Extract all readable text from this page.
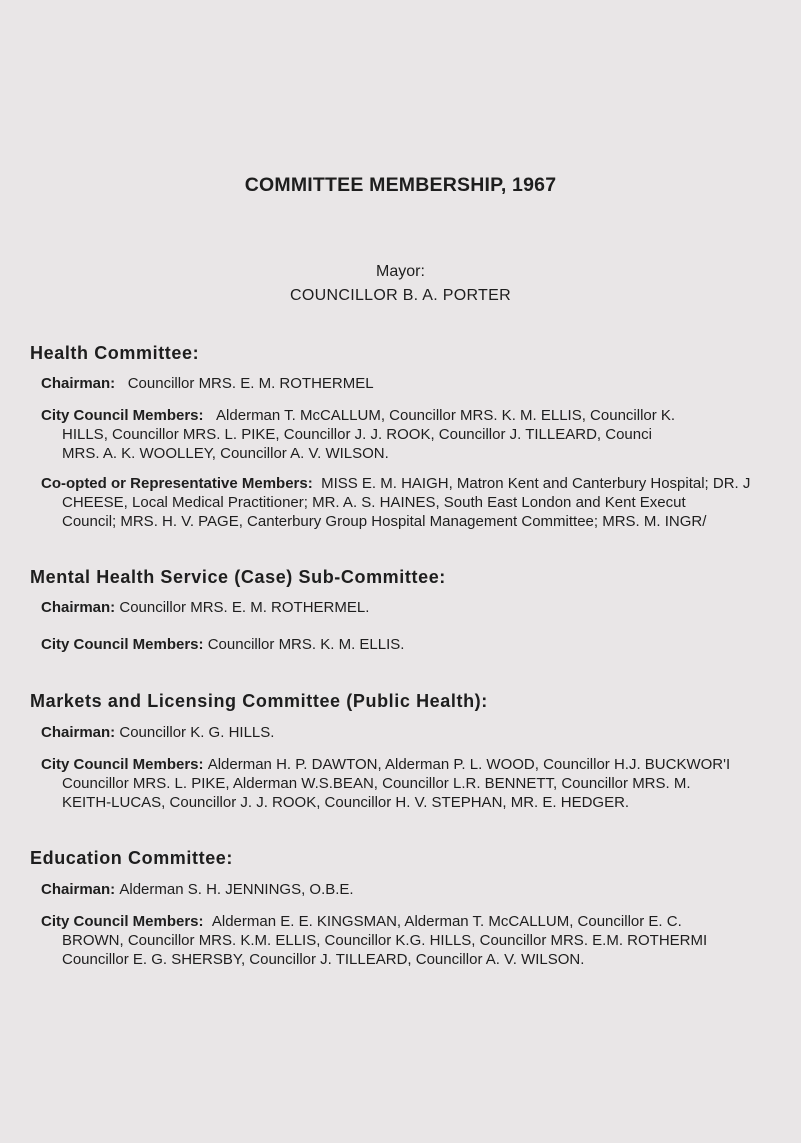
COMMITTEE MEMBERSHIP, 1967

Mayor:

COUNCILLOR B. A. PORTER

Health Committee:

Chairman: Councillor MRS. E. M. ROTHERMEL

City Council Members: Alderman T. McCALLUM, Councillor MRS. K. M. ELLIS, Councillor K.
HILLS, Councillor MRS. L. PIKE, Councillor J. J. ROOK, Councillor J. TILLEARD, Counci
MRS. A. K. WOOLLEY, Councillor A. V. WILSON.

Co-opted or Representative Members: MISS E. M. HAIGH, Matron Kent and Canterbury Hospital; DR. J
CHEESE, Local Medical Practitioner; MR. A. S. HAINES, South East London and Kent Execut
Council; MRS. H. V. PAGE, Canterbury Group Hospital Management Committee; MRS. M. INGR/

Mental Health Service (Case) Sub-Committee:

Chairman: Councillor MRS. E. M. ROTHERMEL.

City Council Members: Councillor MRS. K. M. ELLIS.

Markets and Licensing Committee (Public Health):

Chairman: Councillor K. G. HILLS.

City Council Members: Alderman H. P. DAWTON, Alderman P. L. WOOD, Councillor H.J. BUCKWOR'I
Councillor MRS. L. PIKE, Alderman W.S.BEAN, Councillor L.R. BENNETT, Councillor MRS. M.
KEITH-LUCAS, Councillor J. J. ROOK, Councillor H. V. STEPHAN, MR. E. HEDGER.

Education Committee:

Chairman: Alderman S. H. JENNINGS, O.B.E.

City Council Members: Alderman E. E. KINGSMAN, Alderman T. McCALLUM, Councillor E. C.
BROWN, Councillor MRS. K.M. ELLIS, Councillor K.G. HILLS, Councillor MRS. E.M. ROTHERMI
Councillor E. G. SHERSBY, Councillor J. TILLEARD, Councillor A. V. WILSON.
